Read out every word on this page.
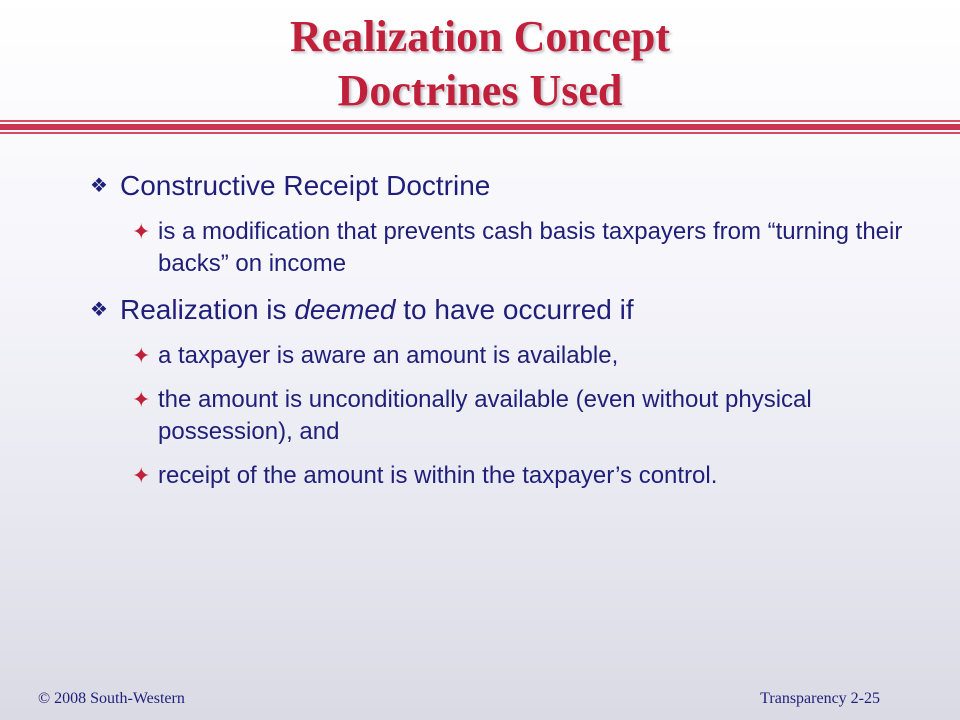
Realization Concept
Doctrines Used
❖ Constructive Receipt Doctrine
✦ is a modification that prevents cash basis taxpayers from “turning their backs” on income
❖ Realization is deemed to have occurred if
✦ a taxpayer is aware an amount is available,
✦ the amount is unconditionally available (even without physical possession), and
✦ receipt of the amount is within the taxpayer’s control.
© 2008 South-Western	Transparency 2-25
